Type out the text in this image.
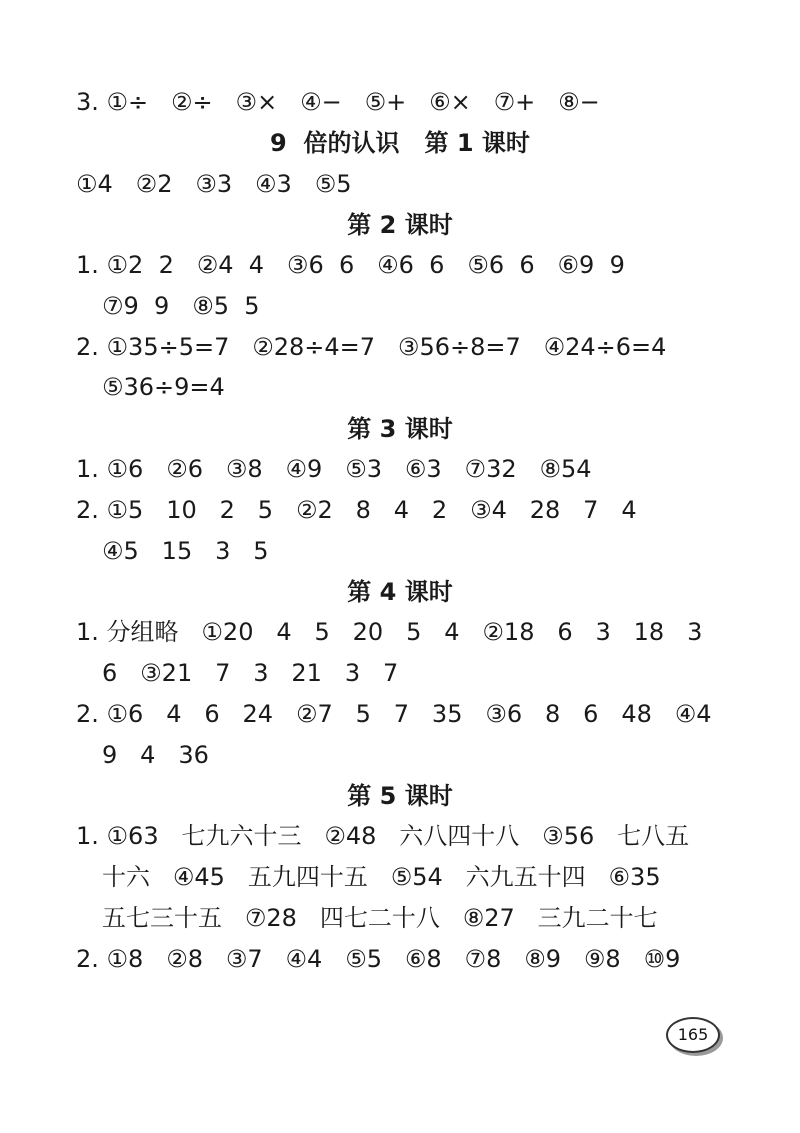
3. ①÷   ②÷   ③×   ④−   ⑤+   ⑥×   ⑦+   ⑧−
9  倍的认识   第 1 课时
①4   ②2   ③3   ④3   ⑤5
第 2 课时
1. ①2  2   ②4  4   ③6  6   ④6  6   ⑤6  6   ⑥9  9
⑦9  9   ⑧5  5
2. ①35÷5=7   ②28÷4=7   ③56÷8=7   ④24÷6=4
⑤36÷9=4
第 3 课时
1. ①6   ②6   ③8   ④9   ⑤3   ⑥3   ⑦32   ⑧54
2. ①5   10   2   5   ②2   8   4   2   ③4   28   7   4
④5   15   3   5
第 4 课时
1. 分组略   ①20   4   5   20   5   4   ②18   6   3   18   3
6   ③21   7   3   21   3   7
2. ①6   4   6   24   ②7   5   7   35   ③6   8   6   48   ④4
9   4   36
第 5 课时
1. ①63   七九六十三   ②48   六八四十八   ③56   七八五
十六   ④45   五九四十五   ⑤54   六九五十四   ⑥35
五七三十五   ⑦28   四七二十八   ⑧27   三九二十七
2. ①8   ②8   ③7   ④4   ⑤5   ⑥8   ⑦8   ⑧9   ⑨8   ⑩9
165
